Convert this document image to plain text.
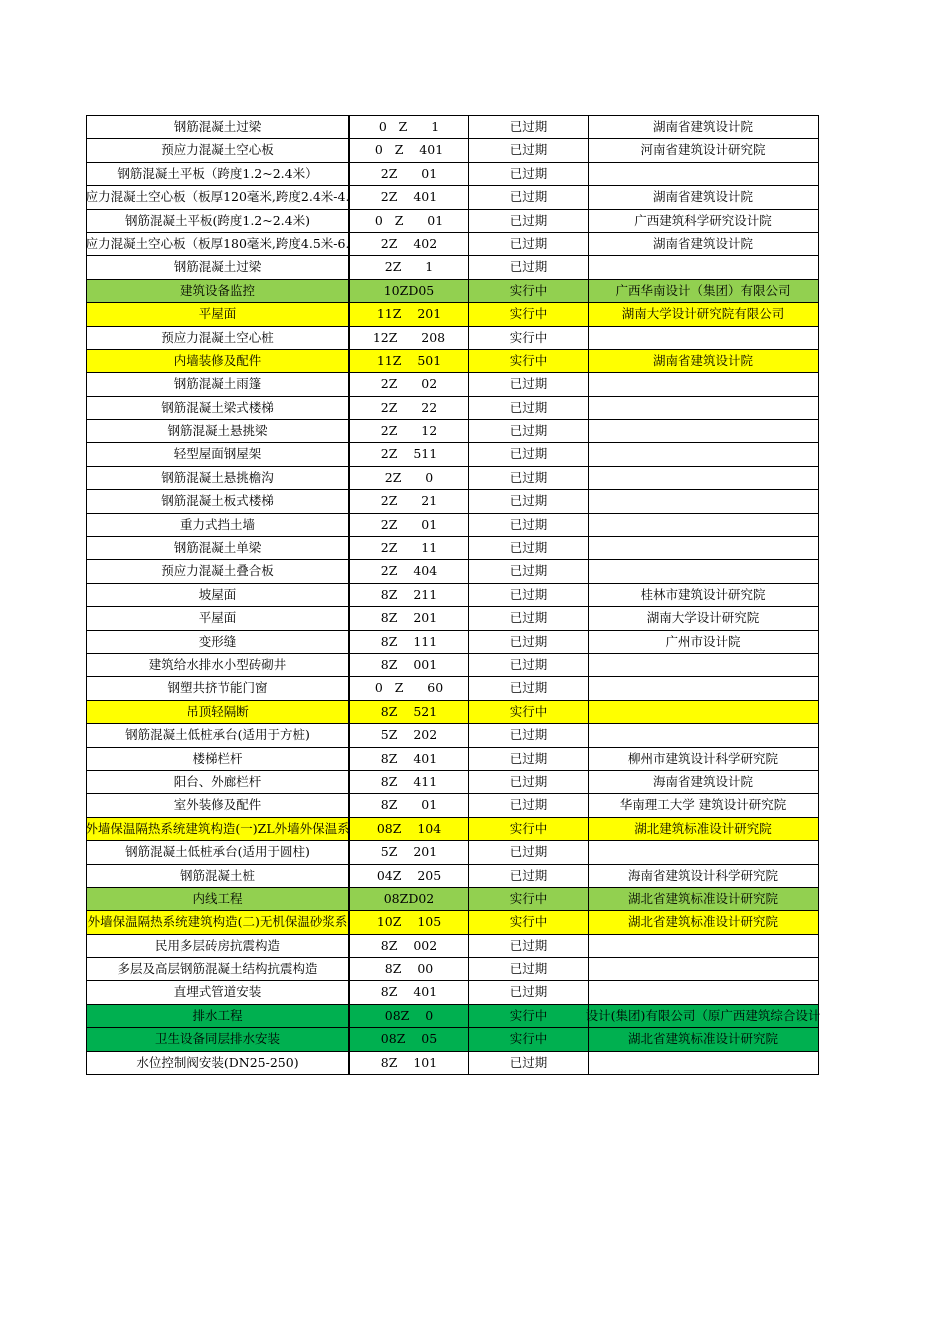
钢筋混凝土过梁	0   Z      1	已过期	湖南省建筑设计院
预应力混凝土空心板	0   Z    401	已过期	河南省建筑设计研究院
钢筋混凝土平板（跨度1.2~2.4米）	2Z      01	已过期
应力混凝土空心板（板厚120毫米,跨度2.4米-4.	2Z    401	已过期	湖南省建筑设计院
钢筋混凝土平板(跨度1.2~2.4米)	0   Z      01	已过期	广西建筑科学研究设计院
应力混凝土空心板（板厚180毫米,跨度4.5米-6.	2Z    402	已过期	湖南省建筑设计院
钢筋混凝土过梁	2Z      1	已过期
建筑设备监控	10ZD05	实行中	广西华南设计（集团）有限公司
平屋面	11Z    201	实行中	湖南大学设计研究院有限公司
预应力混凝土空心桩	12Z      208	实行中
内墙装修及配件	11Z    501	实行中	湖南省建筑设计院
钢筋混凝土雨篷	2Z      02	已过期
钢筋混凝土梁式楼梯	2Z      22	已过期
钢筋混凝土悬挑梁	2Z      12	已过期
轻型屋面钢屋架	2Z    511	已过期
钢筋混凝土悬挑檐沟	2Z      0	已过期
钢筋混凝土板式楼梯	2Z      21	已过期
重力式挡土墙	2Z      01	已过期
钢筋混凝土单梁	2Z      11	已过期
预应力混凝土叠合板	2Z    404	已过期
坡屋面	8Z    211	已过期	桂林市建筑设计研究院
平屋面	8Z    201	已过期	湖南大学设计研究院
变形缝	8Z    111	已过期	广州市设计院
建筑给水排水小型砖砌井	8Z    001	已过期
钢塑共挤节能门窗	0   Z      60	已过期
吊顶轻隔断	8Z    521	实行中
钢筋混凝土低桩承台(适用于方桩)	5Z    202	已过期
楼梯栏杆	8Z    401	已过期	柳州市建筑设计科学研究院
阳台、外廊栏杆	8Z    411	已过期	海南省建筑设计院
室外装修及配件	8Z      01	已过期	华南理工大学 建筑设计研究院
外墙保温隔热系统建筑构造(一)ZL外墙外保温系	08Z    104	实行中	湖北建筑标准设计研究院
钢筋混凝土低桩承台(适用于圆柱)	5Z    201	已过期
钢筋混凝土桩	04Z    205	已过期	海南省建筑设计科学研究院
内线工程	08ZD02	实行中	湖北省建筑标准设计研究院
外墙保温隔热系统建筑构造(二)无机保温砂浆系	10Z    105	实行中	湖北省建筑标准设计研究院
民用多层砖房抗震构造	8Z    002	已过期
多层及高层钢筋混凝土结构抗震构造	8Z    00	已过期
直埋式管道安装	8Z    401	已过期
排水工程	08Z    0	实行中	设计(集团)有限公司（原广西建筑综合设计
卫生设备同层排水安装	08Z    05	实行中	湖北省建筑标准设计研究院
水位控制阀安装(DN25-250)	8Z    101	已过期
